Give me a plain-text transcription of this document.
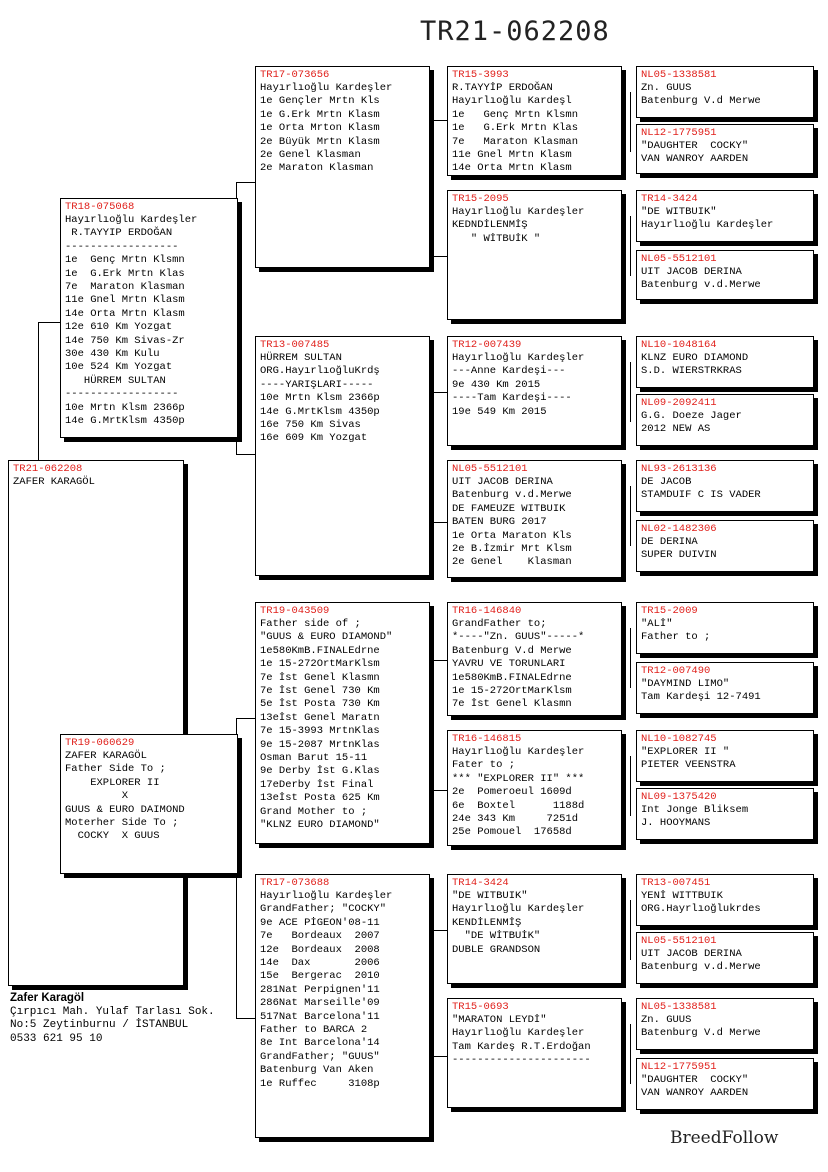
TR21-062208
TR21-062208
ZAFER KARAGÖL
TR18-075068
Hayırlıoğlu Kardeşler
R.TAYYIP ERDOĞAN
------------------
1e  Genç Mrtn Klsmn
1e  G.Erk Mrtn Klas
7e  Maraton Klasman
11e Gnel Mrtn Klasm
14e Orta Mrtn Klasm
12e 610 Km Yozgat
14e 750 Km Sivas-Zr
30e 430 Km Kulu
10e 524 Km Yozgat
HÜRREM SULTAN
------------------
10e Mrtn Klsm 2366p
14e G.MrtKlsm 4350p
TR19-060629
ZAFER KARAGÖL
Father Side To ;
EXPLORER II
X
GUUS & EURO DAIMOND
Moterher Side To ;
COCKY  X GUUS
TR17-073656
Hayırlıoğlu Kardeşler
1e Gençler Mrtn Kls
1e G.Erk Mrtn Klasm
1e Orta Mrton Klasm
2e Büyük Mrtn Klasm
2e Genel Klasman
2e Maraton Klasman
TR13-007485
HÜRREM SULTAN
ORG.HayırlıoğluKrdş
----YARIŞLARI-----
10e Mrtn Klsm 2366p
14e G.MrtKlsm 4350p
16e 750 Km Sivas
16e 609 Km Yozgat
TR19-043509
Father side of ;
"GUUS & EURO DIAMOND"
1e580KmB.FINALEdrne
1e 15-272OrtMarKlsm
7e İst Genel Klasmn
7e İst Genel 730 Km
5e İst Posta 730 Km
13eİst Genel Maratn
7e 15-3993 MrtnKlas
9e 15-2087 MrtnKlas
Osman Barut 15-11
9e Derby İst G.Klas
17eDerby İst Final
13eİst Posta 625 Km
Grand Mother to ;
"KLNZ EURO DIAMOND"
TR17-073688
Hayırlıoğlu Kardeşler
GrandFather; "COCKY"
9e ACE PİGEON'08-11
7e   Bordeaux  2007
12e  Bordeaux  2008
14e  Dax       2006
15e  Bergerac  2010
281Nat Perpignen'11
286Nat Marseille'09
517Nat Barcelona'11
Father to BARCA 2
8e Int Barcelona'14
GrandFather; "GUUS"
Batenburg Van Aken
1e Ruffec     3108p
TR15-3993
R.TAYYİP ERDOĞAN
Hayırlıoğlu Kardeşl
1e   Genç Mrtn Klsmn
1e   G.Erk Mrtn Klas
7e   Maraton Klasman
11e Gnel Mrtn Klasm
14e Orta Mrtn Klasm
TR15-2095
Hayırlıoğlu Kardeşler
KEDNDİLENMİŞ
" WİTBUİK "
TR12-007439
Hayırlıoğlu Kardeşler
---Anne Kardeşi---
9e 430 Km 2015
----Tam Kardeşi----
19e 549 Km 2015
NL05-5512101
UIT JACOB DERINA
Batenburg v.d.Merwe
DE FAMEUZE WITBUIK
BATEN BURG 2017
1e Orta Maraton Kls
2e B.İzmir Mrt Klsm
2e Genel    Klasman
TR16-146840
GrandFather to;
*----"Zn. GUUS"-----*
Batenburg V.d Merwe
YAVRU VE TORUNLARI
1e580KmB.FINALEdrne
1e 15-272OrtMarKlsm
7e İst Genel Klasmn
TR16-146815
Hayırlıoğlu Kardeşler
Fater to ;
*** "EXPLORER II" ***
2e  Pomeroeul 1609d
6e  Boxtel      1188d
24e 343 Km     7251d
25e Pomouel  17658d
TR14-3424
"DE WITBUIK"
Hayırlıoğlu Kardeşler
KENDİLENMİŞ
"DE WİTBUİK"
DUBLE GRANDSON
TR15-0693
"MARATON LEYDİ"
Hayırlıoğlu Kardeşler
Tam Kardeş R.T.Erdoğan
----------------------
NL05-1338581
Zn. GUUS
Batenburg V.d Merwe
NL12-1775951
"DAUGHTER  COCKY"
VAN WANROY AARDEN
TR14-3424
"DE WITBUIK"
Hayırlıoğlu Kardeşler
NL05-5512101
UIT JACOB DERINA
Batenburg v.d.Merwe
NL10-1048164
KLNZ EURO DIAMOND
S.D. WIERSTRKRAS
NL09-2092411
G.G. Doeze Jager
2012 NEW AS
NL93-2613136
DE JACOB
STAMDUIF C IS VADER
NL02-1482306
DE DERINA
SUPER DUIVIN
TR15-2009
"ALİ"
Father to ;
TR12-007490
"DAYMIND LIMO"
Tam Kardeşi 12-7491
NL10-1082745
"EXPLORER II "
PIETER VEENSTRA
NL09-1375420
Int Jonge Bliksem
J. HOOYMANS
TR13-007451
YENİ WITTBUIK
ORG.Hayrlıoğlukrdes
NL05-5512101
UIT JACOB DERINA
Batenburg v.d.Merwe
NL05-1338581
Zn. GUUS
Batenburg V.d Merwe
NL12-1775951
"DAUGHTER  COCKY"
VAN WANROY AARDEN
Zafer Karagöl
Çırpıcı Mah. Yulaf Tarlası Sok.
No:5 Zeytinburnu / İSTANBUL
0533 621 95 10
BreedFollow
